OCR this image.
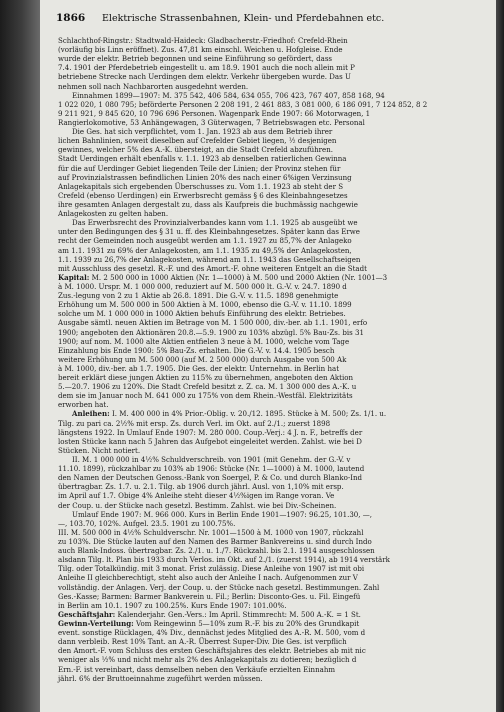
1866 Elektrische Strassenbahnen, Klein- und Pferdebahnen etc.
Schlachthof-Ringstr.: Stadtwald-Haideck: Gladbacherstr.-Friedhof: Crefeld-Rhein
(vorläufig bis Linn eröffnet). Zus. 47,81 km einschl. Weichen u. Hofgleise. Ende
wurde der elektr. Betrieb begonnen und seine Einführung so gefördert, dass
7.4. 1901 der Pferdebetrieb eingestellt u. am 18.9. 1901 auch die noch allein mit P
betriebene Strecke nach Uerdingen dem elektr. Verkehr übergeben wurde. Das U
nehmen soll nach Nachbarorten ausgedehnt werden.
Einnahmen 1899—1907: M. 375 542, 406 584, 634 055, 706 423, 767 407, 858 168, 94
1 022 020, 1 080 795; beförderte Personen 2 208 191, 2 461 883, 3 081 000, 6 186 091, 7 124 852, 8 2
9 211 921, 9 845 620, 10 796 696 Personen. Wagenpark Ende 1907: 66 Motorwagen, 1
Rangierlokomotive, 53 Anhängewagen, 3 Güterwagen, 7 Betriebswagen etc. Personal
Die Ges. hat sich verpflichtet, vom 1. Jan. 1923 ab aus dem Betrieb ihrer
lichen Bahnlinien, soweit dieselben auf Crefelder Gebiet liegen, ½ desjenigen
gewinnes, welcher 5% des A.-K. übersteigt, an die Stadt Crefeld abzuführen.
Stadt Uerdingen erhält ebenfalls v. 1.1. 1923 ab denselben ratierlichen Gewinna
für die auf Uerdinger Gebiet liegenden Teile der Linien; der Provinz stehen für
auf Provinzialstrassen befindlichen Linien 20% des nach einer 6%igen Verzinsung
Anlagekapitals sich ergebenden Überschusses zu. Vom 1.1. 1923 ab steht der S
Crefeld (ebenso Uerdingen) ein Erwerbsrecht gemäss § 6 des Kleinbahngesetzes
ihre gesamten Anlagen dergestalt zu, dass als Kaufpreis die buchmässig nachgewie
Anlagekosten zu gelten haben.
Das Erwerbsrecht des Provinzialverbandes kann vom 1.1. 1925 ab ausgeübt we
unter den Bedingungen des § 31 u. ff. des Kleinbahngesetzes. Später kann das Erwe
recht der Gemeinden noch ausgeübt werden am 1.1. 1927 zu 85,7% der Anlageko
am 1.1. 1931 zu 69% der Anlagekosten, am 1.1. 1935 zu 49,5% der Anlagekosten,
1.1. 1939 zu 26,7% der Anlagekosten, während am 1.1. 1943 das Gesellschaftseigen
mit Ausschluss des gesetzl. R.-F. und des Amort.-F. ohne weiteren Entgelt an die Stadt
Kapital: M. 2 500 000 in 1000 Aktien (Nr. 1—1000) à M. 500 und 2000 Aktien (Nr. 1001—3
à M. 1000. Urspr. M. 1 000 000, reduziert auf M. 500 000 lt. G.-V. v. 24.7. 1890 d
Zus.-legung von 2 zu 1 Aktie ab 26.8. 1891. Die G.-V. v. 11.5. 1898 genehmigte
Erhöhung um M. 500 000 in 500 Aktien à M. 1000, ebenso die G.-V. v. 11.10. 1899
solche um M. 1 000 000 in 1000 Aktien behufs Einführung des elektr. Betriebes.
Ausgabe sämtl. neuen Aktien im Betrage von M. 1 500 000, div.-ber. ab 1.1. 1901, erfo
1900; angeboten den Aktionären 20.8.—5.9. 1900 zu 103% abzügl. 5% Bau-Zs. bis 31
1900; auf nom. M. 1000 alte Aktien entfielen 3 neue à M. 1000, welche vom Tage
Einzahlung bis Ende 1900: 5% Bau-Zs. erhalten. Die G.-V. v. 14.4. 1905 besch
weitere Erhöhung um M. 500 000 (auf M. 2 500 000) durch Ausgabe von 500 Ak
à M. 1000, div.-ber. ab 1.7. 1905. Die Ges. der elektr. Unternehm. in Berlin hat
bereit erklärt diese jungen Aktien zu 115% zu übernehmen, angeboten den Aktion
5.—20.7. 1906 zu 120%. Die Stadt Crefeld besitzt z. Z. ca. M. 1 300 000 des A.-K. u
dem sie im Januar noch M. 641 000 zu 175% von dem Rhein.-Westfäl. Elektrizitäts
erworben hat.
Anleihen: I. M. 400 000 in 4% Prior.-Oblig. v. 20./12. 1895. Stücke à M. 500; Zs. 1/1. u.
Tilg. zu pari ca. 2½% mit ersp. Zs. durch Verl. im Okt. auf 2./1.; zuerst 1898
längstens 1922. In Umlauf Ende 1907: M. 280 000. Coup.-Verj.: 4 J. n. F., betreffs der
losten Stücke kann nach 5 Jahren das Aufgebot eingeleitet werden. Zahlst. wie bei D
Stücken. Nicht notiert.
II. M. 1 000 000 in 4½% Schuldverschreib. von 1901 (mit Genehm. der G.-V. v
11.10. 1899), rückzahlbar zu 103% ab 1906: Stücke (Nr. 1—1000) à M. 1000, lautend
den Namen der Deutschen Genoss.-Bank von Soergel, P. & Co. und durch Blanko-Ind
übertragbar. Zs. 1.7. u. 2.1. Tilg. ab 1906 durch jährl. Ausl. von 1,10% mit ersp.
im April auf 1.7. Obige 4% Anleihe steht dieser 4½%igen im Range voran. Ve
der Coup. u. der Stücke nach gesetzl. Bestimm. Zahlst. wie bei Div.-Scheinen.
Umlauf Ende 1907: M. 966 000. Kurs in Berlin Ende 1901—1907: 96.25, 101.30, —,
—, 103.70, 102%. Aufgel. 23.5. 1901 zu 100.75%.
III. M. 500 000 in 4½% Schuldverschr. Nr. 1001—1500 à M. 1000 von 1907, rückzahl
zu 103%. Die Stücke lauten auf den Namen des Barmer Bankvereins u. sind durch Indo
auch Blank-Indoss. übertragbar. Zs. 2./1. u. 1./7. Rückzahl. bis 2.1. 1914 ausgeschlossen
alsdann Tilg. lt. Plan bis 1933 durch Verlos. im Okt. auf 2./1. (zuerst 1914), ab 1914 verstärk
Tilg. oder Totalkündig. mit 3 monat. Frist zulässig. Diese Anleihe von 1907 ist mit obi
Anleihe II gleichberechtigt, steht also auch der Anleihe I nach. Aufgenommen zur V
vollständig. der Anlagen. Verj. der Coup. u. der Stücke nach gesetzl. Bestimmungen. Zahl
Ges.-Kasse; Barmen: Barmer Bankverein u. Fil.; Berlin: Disconto-Ges. u. Fil. Eingefü
in Berlin am 10.1. 1907 zu 100.25%. Kurs Ende 1907: 101.00%.
Geschäftsjahr: Kalenderjahr. Gen.-Vers.: Im April. Stimmrecht: M. 500 A.-K. = 1 St.
Gewinn-Verteilung: Vom Reingewinn 5—10% zum R.-F. bis zu 20% des Grundkapit
event. sonstige Rücklagen, 4% Div., dennächst jedes Mitglied des A.-R. M. 500, vom d
dann verbleib. Rest 10% Tant. an A.-R. Überrest Super-Div. Die Ges. ist verpflich
den Amort.-F. vom Schluss des ersten Geschäftsjahres des elektr. Betriebes ab mit nic
weniger als ½% und nicht mehr als 2% des Anlagekapitals zu dotieren; bezüglich d
Ern.-F. ist vereinbart, dass demselben neben den Verkäufe erzielten Einnahm
jährl. 6% der Bruttoeinnahme zugeführt werden müssen.
